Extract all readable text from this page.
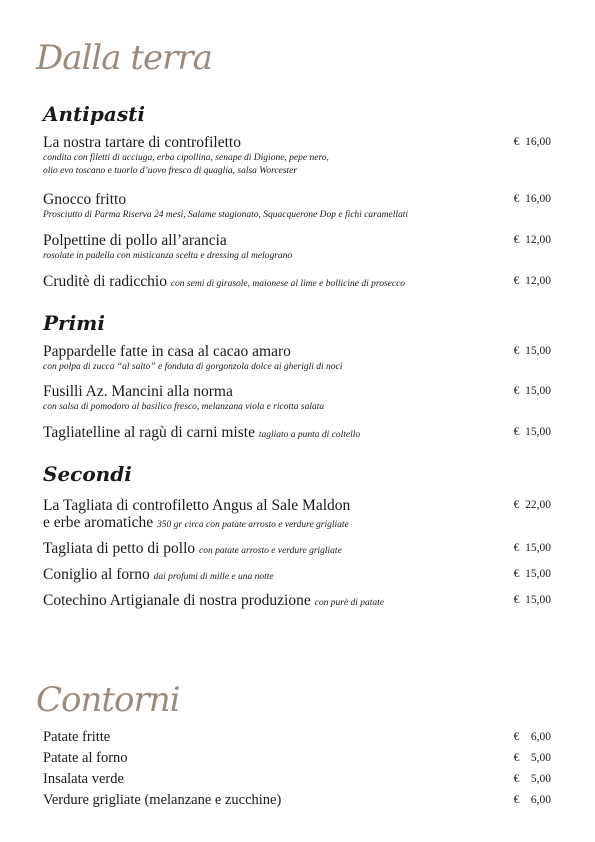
Dalla terra
Antipasti
La nostra tartare di controfiletto
condita con filetti di acciuga, erba cipollina, senape di Digione, pepe nero,
olio evo toscano e tuorlo d’uovo fresco di quaglia, salsa Worcester
€  16,00
Gnocco fritto
Prosciutto di Parma Riserva 24 mesi, Salame stagionato, Squacquerone Dop e fichi caramellati
€  16,00
Polpettine di pollo all’arancia
rosolate in padella con misticanza scelta e dressing al melograno
€  12,00
Cruditè di radicchio con semi di girasole, maionese al lime e bollicine di prosecco	€  12,00
Primi
Pappardelle fatte in casa al cacao amaro
con polpa di zucca “al salto” e fonduta di gorgonzola dolce ai gherigli di noci
€  15,00
Fusilli Az. Mancini alla norma
con salsa di pomodoro al basilico fresco, melanzana viola e ricotta salata
€  15,00
Tagliatelline al ragù di carni miste tagliato a punta di coltello	€  15,00
Secondi
La Tagliata di controfiletto Angus al Sale Maldon
e erbe aromatiche 350 gr circa con patate arrosto e verdure grigliate
€  22,00
Tagliata di petto di pollo con patate arrosto e verdure grigliate	€  15,00
Coniglio al forno dai profumi di mille e una notte	€  15,00
Cotechino Artigianale di nostra produzione con purè di patate	€  15,00
Contorni
Patate fritte	€    6,00
Patate al forno	€    5,00
Insalata verde	€    5,00
Verdure grigliate (melanzane e zucchine)	€    6,00
